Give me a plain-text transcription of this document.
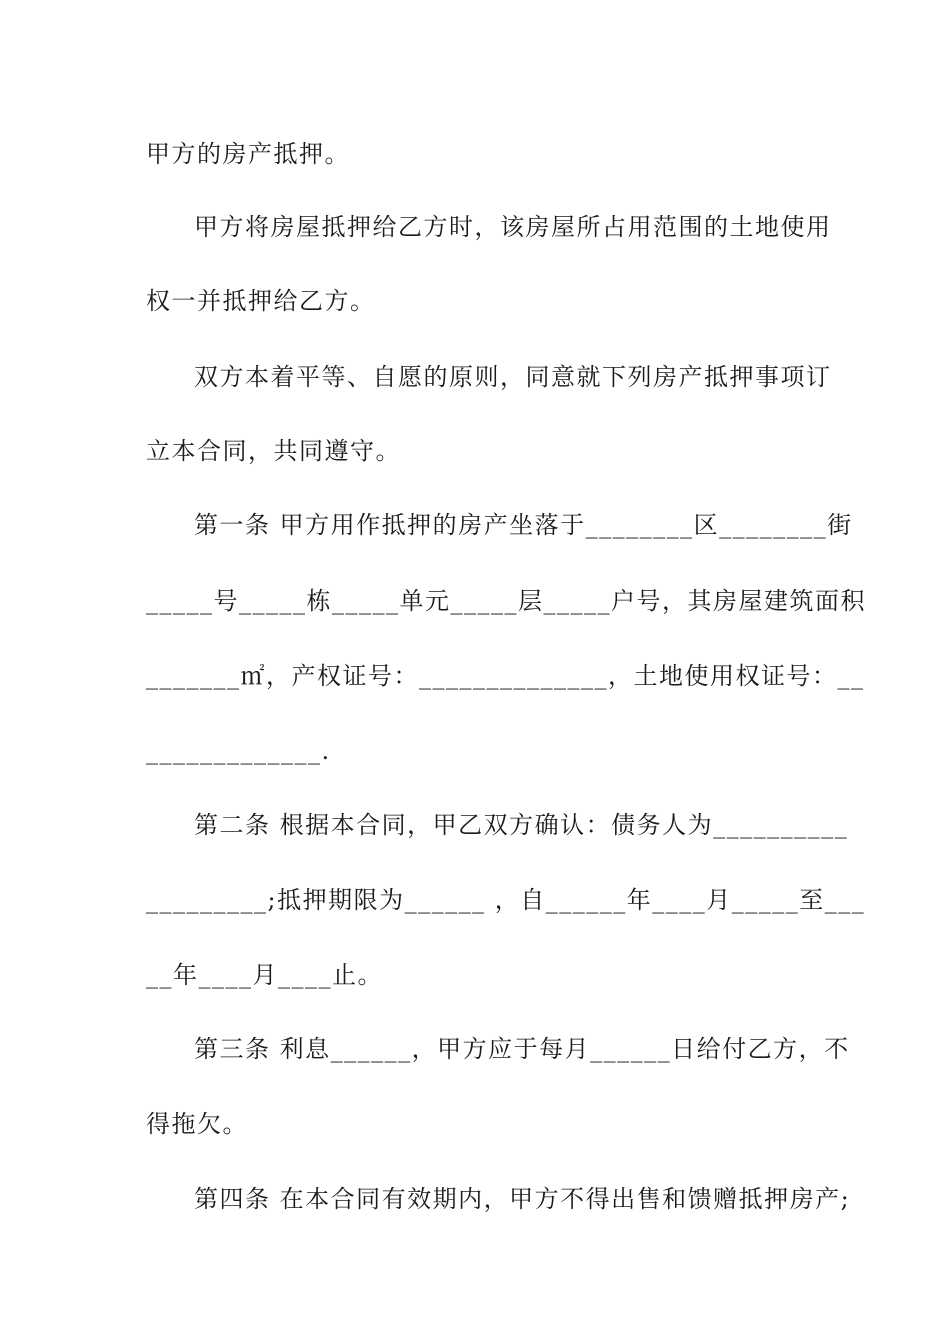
甲方的房产抵押。
甲方将房屋抵押给乙方时，该房屋所占用范围的土地使用
权一并抵押给乙方。
双方本着平等、自愿的原则，同意就下列房产抵押事项订
立本合同，共同遵守。
第一条 甲方用作抵押的房产坐落于________区________街
_____号_____栋_____单元_____层_____户号，其房屋建筑面积
_______㎡，产权证号：______________，土地使用权证号：__
_____________.
第二条 根据本合同，甲乙双方确认：债务人为__________
_________;抵押期限为______ ，自______年____月_____至___
__年____月____止。
第三条 利息______，甲方应于每月______日给付乙方，不
得拖欠。
第四条 在本合同有效期内，甲方不得出售和馈赠抵押房产;
